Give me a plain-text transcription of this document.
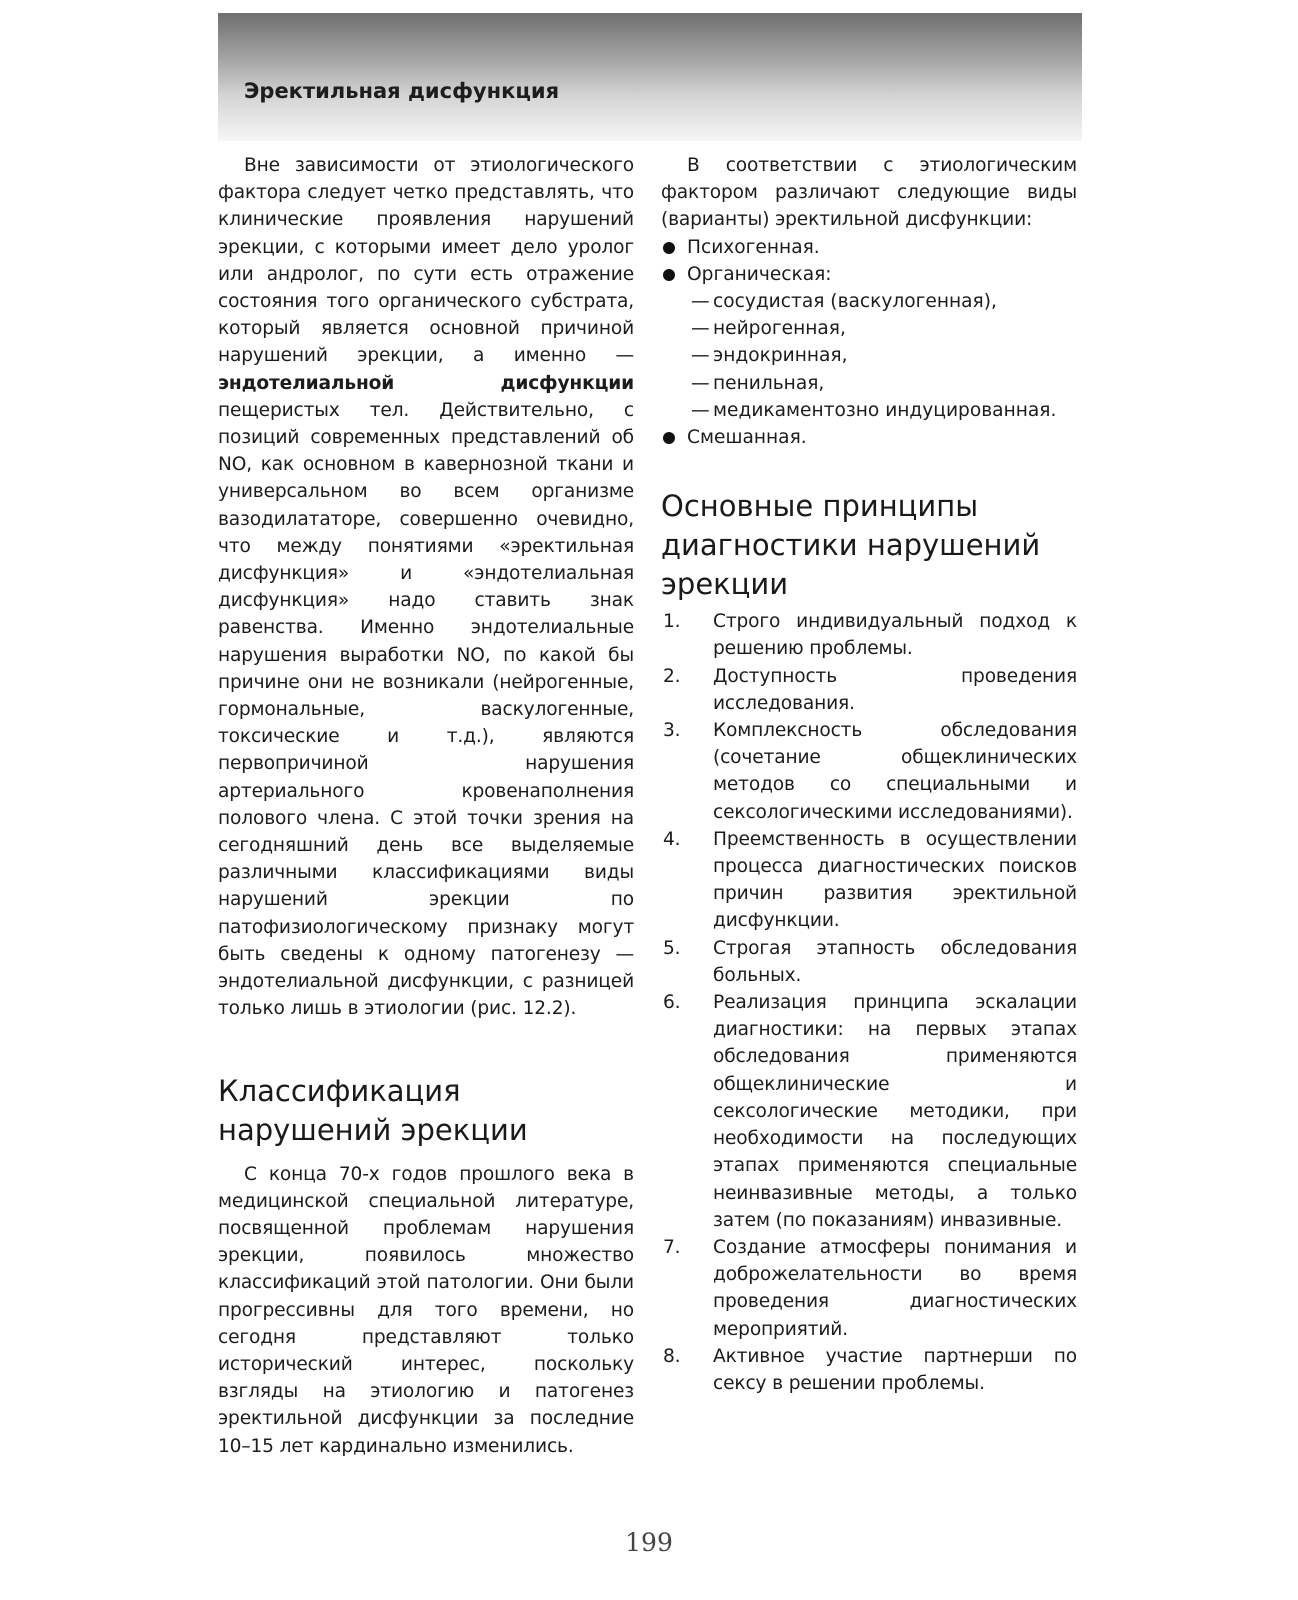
Эректильная дисфункция

Вне зависимости от этиологического фактора следует четко представлять, что клинические проявления нарушений эрекции, с которыми имеет дело уролог или андролог, по сути есть отражение состояния того органического субстрата, который является основной причиной нарушений эрекции, а именно — эндотелиальной дисфункции пещеристых тел. Действительно, с позиций современных представлений об NO, как основном в кавернозной ткани и универсальном во всем организме вазодилататоре, совершенно очевидно, что между понятиями «эректильная дисфункция» и «эндотелиальная дисфункция» надо ставить знак равенства. Именно эндотелиальные нарушения выработки NO, по какой бы причине они не возникали (нейрогенные, гормональные, васкулогенные, токсические и т.д.), являются первопричиной нарушения артериального кровенаполнения полового члена. С этой точки зрения на сегодняшний день все выделяемые различными классификациями виды нарушений эрекции по патофизиологическому признаку могут быть сведены к одному патогенезу — эндотелиальной дисфункции, с разницей только лишь в этиологии (рис. 12.2).

Классификация нарушений эрекции

С конца 70-х годов прошлого века в медицинской специальной литературе, посвященной проблемам нарушения эрекции, появилось множество классификаций этой патологии. Они были прогрессивны для того времени, но сегодня представляют только исторический интерес, поскольку взгляды на этиологию и патогенез эректильной дисфункции за последние 10–15 лет кардинально изменились.

В соответствии с этиологическим фактором различают следующие виды (варианты) эректильной дисфункции:

Психогенная.
Органическая:
— сосудистая (васкулогенная),
— нейрогенная,
— эндокринная,
— пенильная,
— медикаментозно индуцированная.
Смешанная.
Основные принципы диагностики нарушений эрекции
1. Строго индивидуальный подход к решению проблемы.
2. Доступность проведения исследования.
3. Комплексность обследования (сочетание общеклинических методов со специальными и сексологическими исследованиями).
4. Преемственность в осуществлении процесса диагностических поисков причин развития эректильной дисфункции.
5. Строгая этапность обследования больных.
6. Реализация принципа эскалации диагностики: на первых этапах обследования применяются общеклинические и сексологические методики, при необходимости на последующих этапах применяются специальные неинвазивные методы, а только затем (по показаниям) инвазивные.
7. Создание атмосферы понимания и доброжелательности во время проведения диагностических мероприятий.
8. Активное участие партнерши по сексу в решении проблемы.
199
